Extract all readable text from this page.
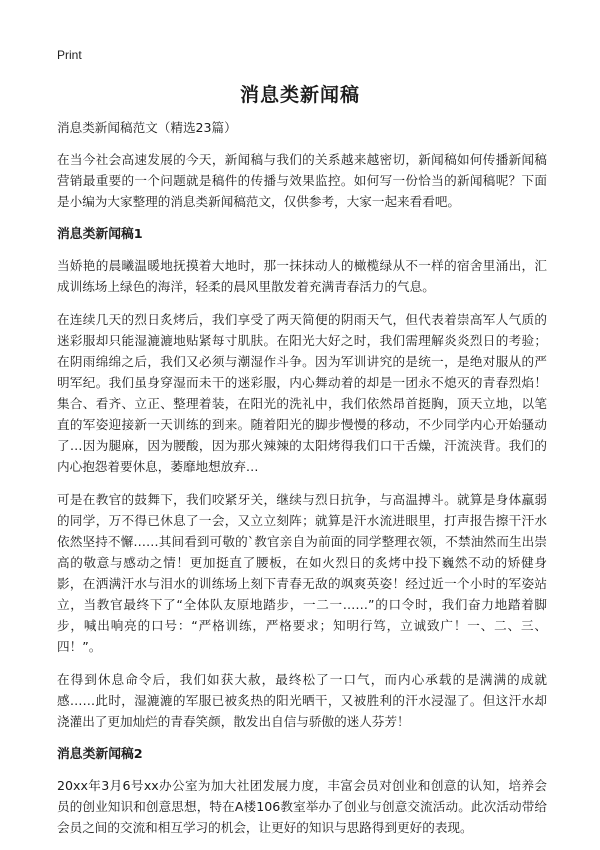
Print
消息类新闻稿

消息类新闻稿范文（精选23篇）

在当今社会高速发展的今天，新闻稿与我们的关系越来越密切，新闻稿如何传播新闻稿营销最重要的一个问题就是稿件的传播与效果监控。如何写一份恰当的新闻稿呢？下面是小编为大家整理的消息类新闻稿范文，仅供参考，大家一起来看看吧。

消息类新闻稿1

当娇艳的晨曦温暖地抚摸着大地时，那一抹抹动人的橄榄绿从不一样的宿舍里涌出，汇成训练场上绿色的海洋，轻柔的晨风里散发着充满青春活力的气息。

在连续几天的烈日炙烤后，我们享受了两天简便的阴雨天气，但代表着崇高军人气质的迷彩服却只能湿漉漉地贴紧每寸肌肤。在阳光大好之时，我们需理解炎炎烈日的考验；在阴雨绵绵之后，我们又必须与潮湿作斗争。因为军训讲究的是统一，是绝对服从的严明军纪。我们虽身穿湿而未干的迷彩服，内心舞动着的却是一团永不熄灭的青春烈焰！集合、看齐、立正、整理着装，在阳光的洗礼中，我们依然昂首挺胸，顶天立地，以笔直的军姿迎接新一天训练的到来。随着阳光的脚步慢慢的移动，不少同学内心开始骚动了…因为腿麻，因为腰酸，因为那火辣辣的太阳烤得我们口干舌燥，汗流浃背。我们的内心抱怨着要休息，萎靡地想放弃…

可是在教官的鼓舞下，我们咬紧牙关，继续与烈日抗争，与高温搏斗。就算是身体羸弱的同学，万不得已休息了一会，又立立刻阵；就算是汗水流进眼里，打声报告擦干汗水依然坚持不懈……其间看到可敬的`教官亲自为前面的同学整理衣领，不禁油然而生出崇高的敬意与感动之情！更加挺直了腰板，在如火烈日的炙烤中投下巍然不动的矫健身影，在洒满汗水与泪水的训练场上刻下青春无敌的飒爽英姿！经过近一个小时的军姿站立，当教官最终下了“全体队友原地踏步，一二一……”的口令时，我们奋力地踏着脚步，喊出响亮的口号：“严格训练，严格要求；知明行笃，立诚致广！一、二、三、四！”。

在得到休息命令后，我们如获大赦，最终松了一口气，而内心承载的是满满的成就感……此时，湿漉漉的军服已被炙热的阳光晒干，又被胜利的汗水浸湿了。但这汗水却浇灌出了更加灿烂的青春笑颜，散发出自信与骄傲的迷人芬芳！

消息类新闻稿2

20xx年3月6号xx办公室为加大社团发展力度，丰富会员对创业和创意的认知，培养会员的创业知识和创意思想，特在A楼106教室举办了创业与创意交流活动。此次活动带给会员之间的交流和相互学习的机会，让更好的知识与思路得到更好的表现。
